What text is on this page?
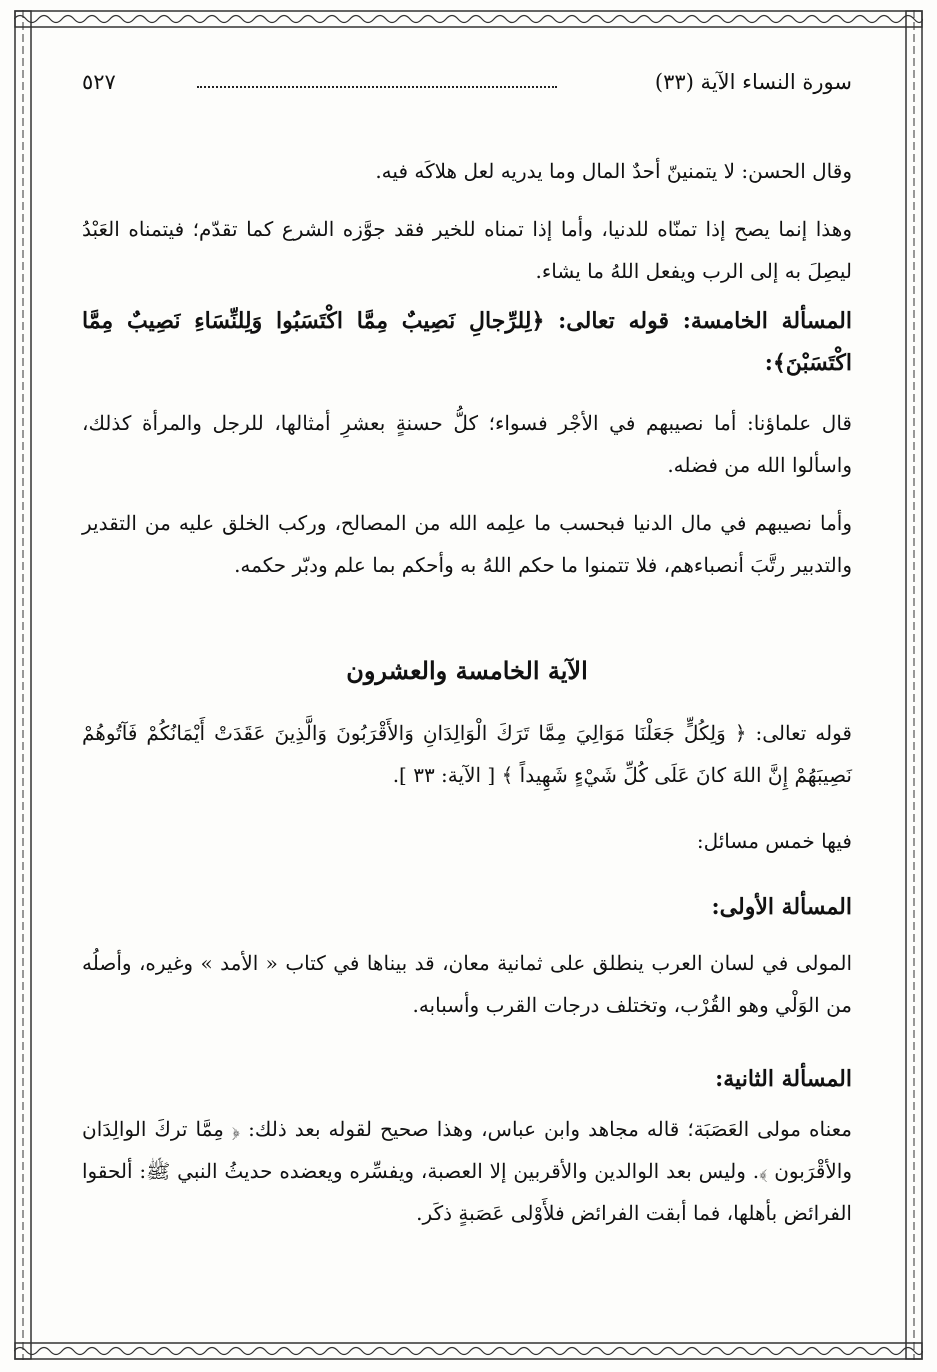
سورة النساء الآية (٣٣)
٥٢٧

وقال الحسن: لا يتمنينّ أحدٌ المال وما يدريه لعل هلاكَه فيه.

وهذا إنما يصح إذا تمنّاه للدنيا، وأما إذا تمناه للخير فقد جوَّزه الشرع كما تقدّم؛ فيتمناه العَبْدُ ليصِلَ به إلى الرب ويفعل اللهُ ما يشاء.

المسألة الخامسة: قوله تعالى: ﴿لِلرِّجالِ نَصِيبٌ مِمَّا اكْتَسَبُوا وَلِلنِّسَاءِ نَصِيبٌ مِمَّا اكْتَسَبْنَ﴾:

قال علماؤنا: أما نصيبهم في الأجْر فسواء؛ كلُّ حسنةٍ بعشرِ أمثالها، للرجل والمرأة كذلك، واسألوا الله من فضله.

وأما نصيبهم في مال الدنيا فبحسب ما علِمه الله من المصالح، وركب الخلق عليه من التقدير والتدبير رتَّبَ أنصباءهم، فلا تتمنوا ما حكم اللهُ به وأحكم بما علم ودبّر حكمه.

الآية الخامسة والعشرون

قوله تعالى: ﴿ وَلِكُلٍّ جَعَلْنَا مَوَالِيَ مِمَّا تَرَكَ الْوَالِدَانِ وَالأَقْرَبُونَ وَالَّذِينَ عَقَدَتْ أَيْمَانُكُمْ فَآتُوهُمْ نَصِيبَهُمْ إِنَّ اللهَ كانَ عَلَى كُلِّ شَيْءٍ شَهِيداً ﴾ [ الآية: ٣٣ ].

فيها خمس مسائل:

المسألة الأولى:

المولى في لسان العرب ينطلق على ثمانية معان، قد بيناها في كتاب « الأمد » وغيره، وأصلُه من الوَلْي وهو القُرْب، وتختلف درجات القرب وأسبابه.

المسألة الثانية:

معناه مولى العَصَبَة؛ قاله مجاهد وابن عباس، وهذا صحيح لقوله بعد ذلك: ﴿ مِمَّا تركَ الوالِدَان والأقْرَبون ﴾. وليس بعد الوالدين والأقربين إلا العصبة، ويفسِّره ويعضده حديثُ النبي ﷺ: ألحقوا الفرائض بأهلها، فما أبقت الفرائض فلأَوْلى عَصَبةٍ ذكَر.
